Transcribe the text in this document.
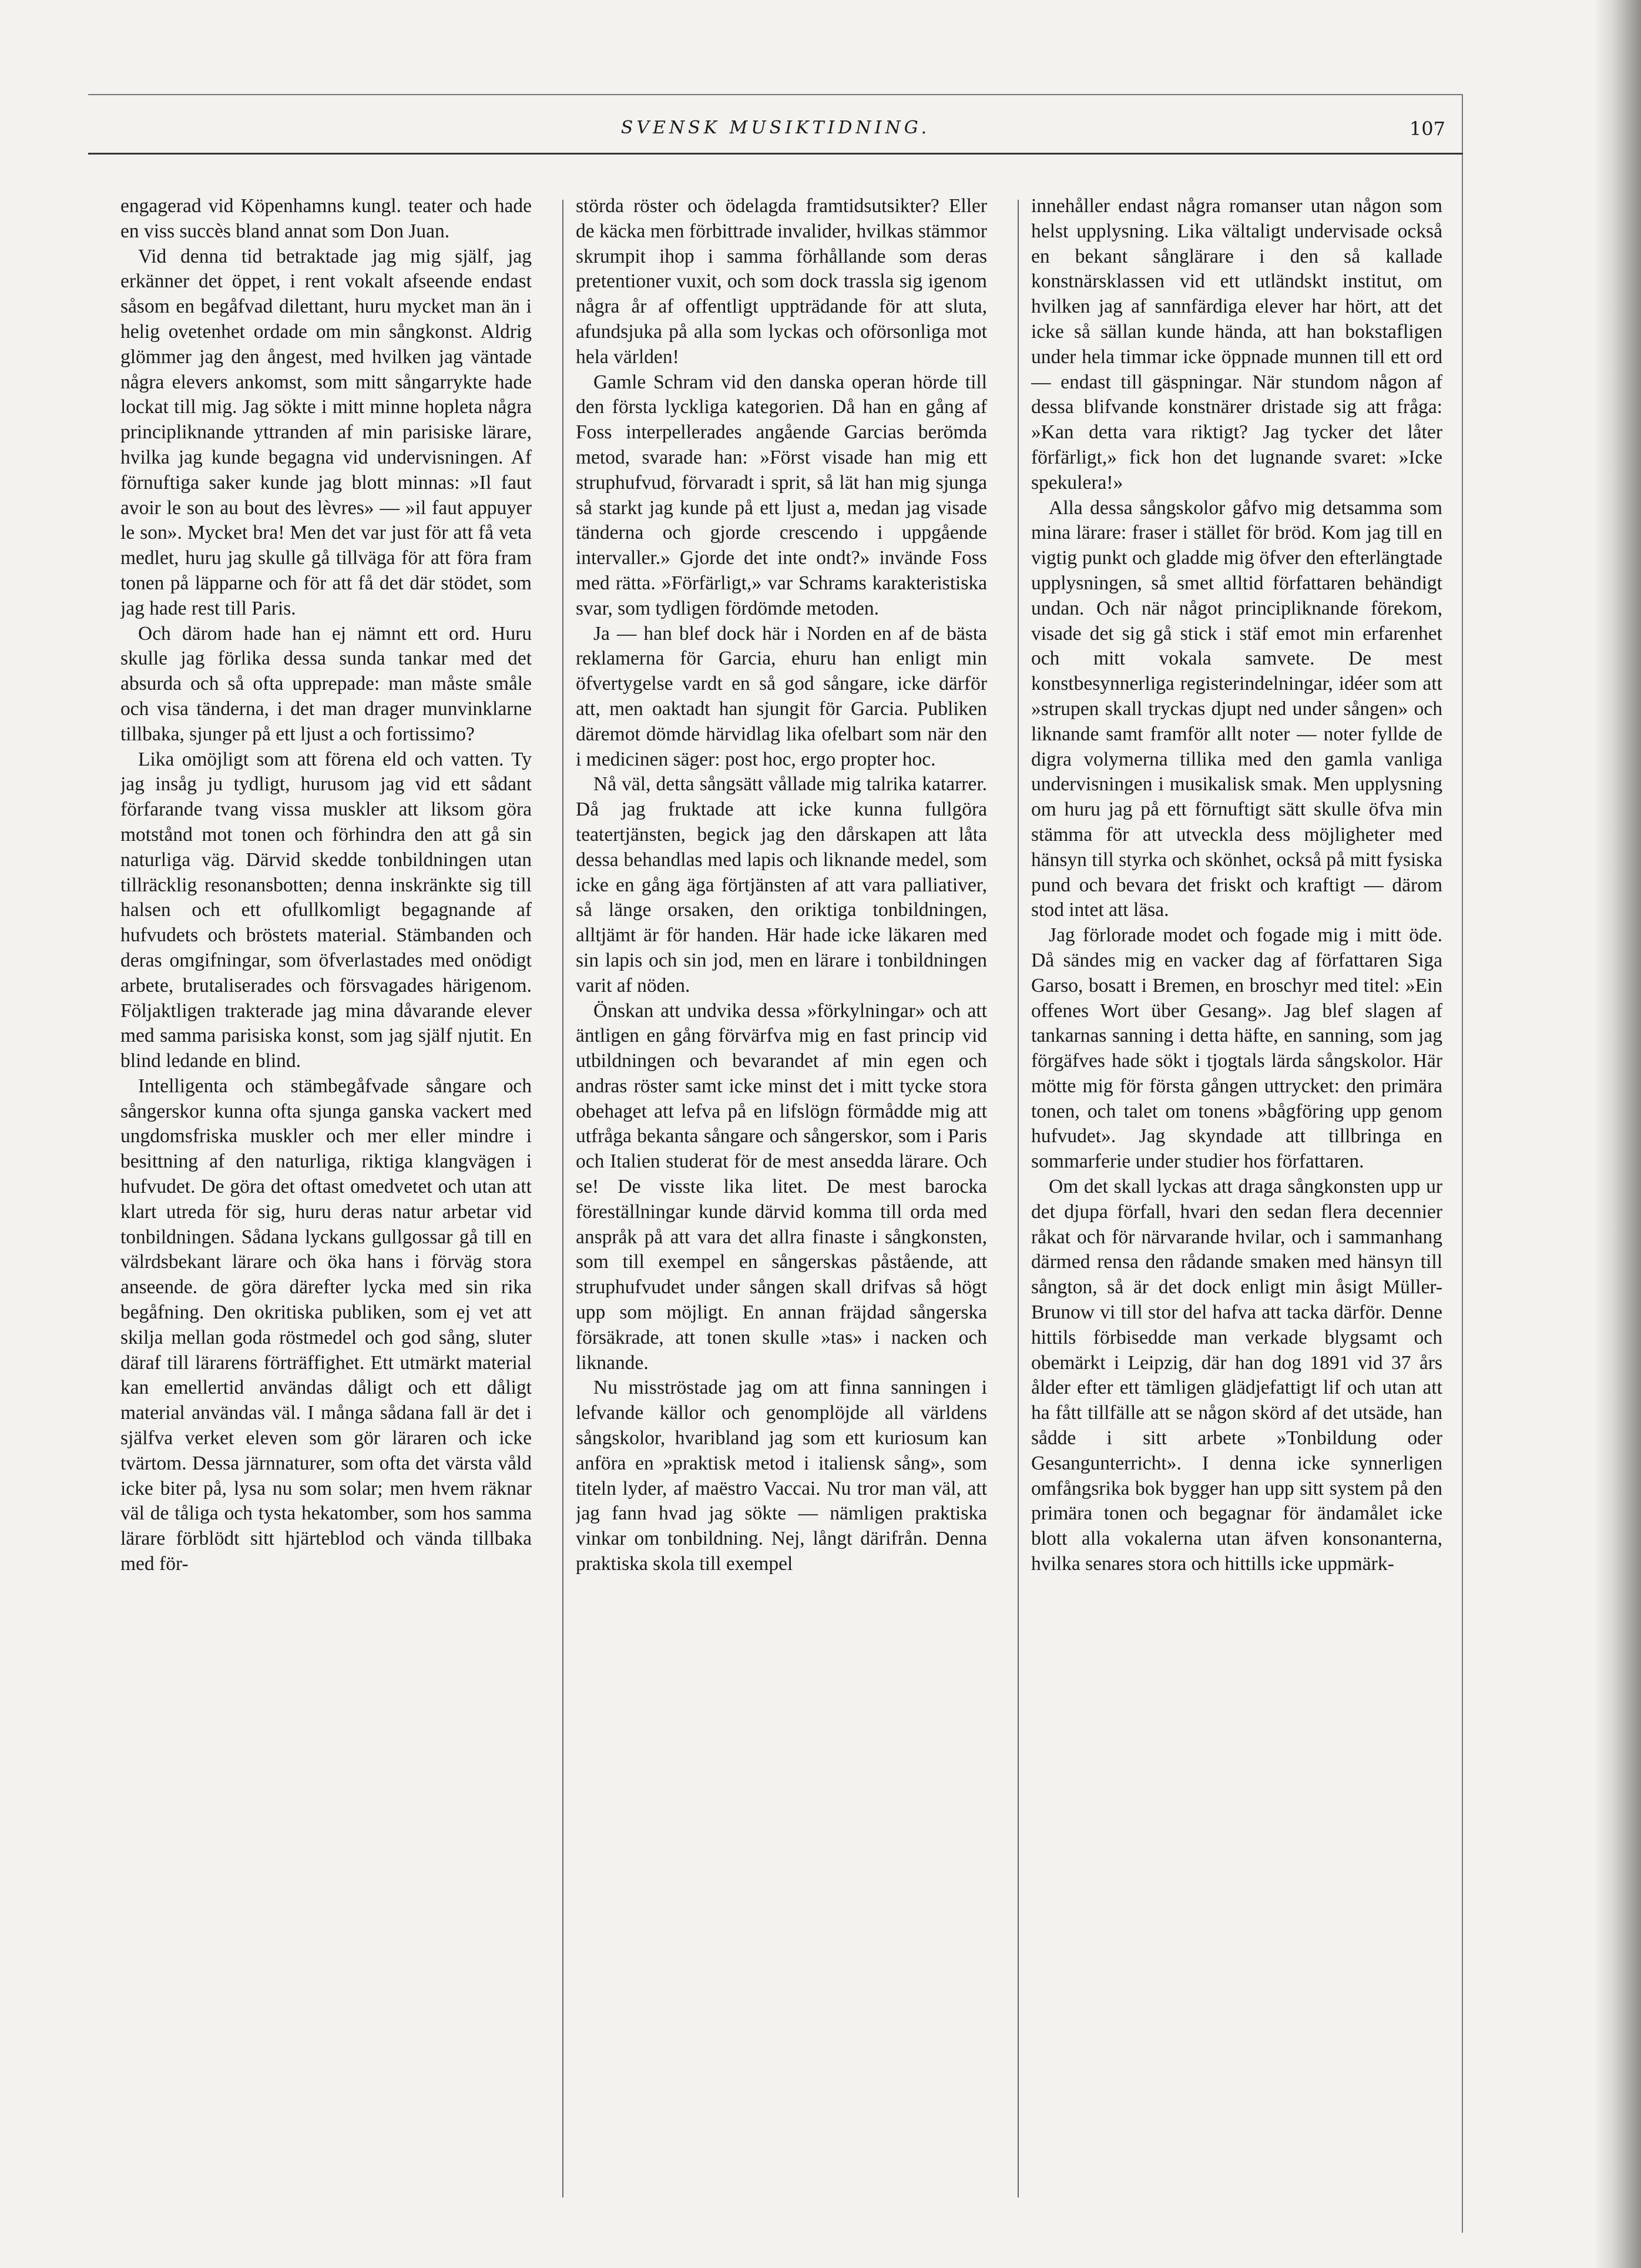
SVENSK MUSIKTIDNING.	107

engagerad vid Köpenhamns kungl. teater och hade en viss succès bland annat som Don Juan.

Vid denna tid betraktade jag mig själf, jag erkänner det öppet, i rent vokalt afseende endast såsom en begåfvad dilettant, huru mycket man än i helig ovetenhet ordade om min sångkonst. Aldrig glömmer jag den ångest, med hvilken jag väntade några elevers ankomst, som mitt sångarrykte hade lockat till mig. Jag sökte i mitt minne hopleta några principliknande yttranden af min parisiske lärare, hvilka jag kunde begagna vid undervisningen. Af förnuftiga saker kunde jag blott minnas: »Il faut avoir le son au bout des lèvres» — »il faut appuyer le son». Mycket bra! Men det var just för att få veta medlet, huru jag skulle gå tillväga för att föra fram tonen på läpparne och för att få det där stödet, som jag hade rest till Paris.

Och därom hade han ej nämnt ett ord. Huru skulle jag förlika dessa sunda tankar med det absurda och så ofta upprepade: man måste småle och visa tänderna, i det man drager munvinklarne tillbaka, sjunger på ett ljust a och fortissimo?

Lika omöjligt som att förena eld och vatten. Ty jag insåg ju tydligt, hurusom jag vid ett sådant förfarande tvang vissa muskler att liksom göra motstånd mot tonen och förhindra den att gå sin naturliga väg. Därvid skedde tonbildningen utan tillräcklig resonansbotten; denna inskränkte sig till halsen och ett ofullkomligt begagnande af hufvudets och bröstets material. Stämbanden och deras omgifningar, som öfverlastades med onödigt arbete, brutaliserades och försvagades härigenom. Följaktligen trakterade jag mina dåvarande elever med samma parisiska konst, som jag själf njutit. En blind ledande en blind.

Intelligenta och stämbegåfvade sångare och sångerskor kunna ofta sjunga ganska vackert med ungdomsfriska muskler och mer eller mindre i besittning af den naturliga, riktiga klangvägen i hufvudet. De göra det oftast omedvetet och utan att klart utreda för sig, huru deras natur arbetar vid tonbildningen. Sådana lyckans gullgossar gå till en välrdsbekant lärare och öka hans i förväg stora anseende. de göra därefter lycka med sin rika begåfning. Den okritiska publiken, som ej vet att skilja mellan goda röstmedel och god sång, sluter däraf till lärarens förträffighet. Ett utmärkt material kan emellertid användas dåligt och ett dåligt material användas väl. I många sådana fall är det i själfva verket eleven som gör läraren och icke tvärtom. Dessa järnnaturer, som ofta det värsta våld icke biter på, lysa nu som solar; men hvem räknar väl de tåliga och tysta hekatomber, som hos samma lärare förblödt sitt hjärteblod och vända tillbaka med för-

störda röster och ödelagda framtidsutsikter? Eller de käcka men förbittrade invalider, hvilkas stämmor skrumpit ihop i samma förhållande som deras pretentioner vuxit, och som dock trassla sig igenom några år af offentligt uppträdande för att sluta, afundsjuka på alla som lyckas och oförsonliga mot hela världen!

Gamle Schram vid den danska operan hörde till den första lyckliga kategorien. Då han en gång af Foss interpellerades angående Garcias berömda metod, svarade han: »Först visade han mig ett struphufvud, förvaradt i sprit, så lät han mig sjunga så starkt jag kunde på ett ljust a, medan jag visade tänderna och gjorde crescendo i uppgående intervaller.» Gjorde det inte ondt?» invände Foss med rätta. »Förfärligt,» var Schrams karakteristiska svar, som tydligen fördömde metoden.

Ja — han blef dock här i Norden en af de bästa reklamerna för Garcia, ehuru han enligt min öfvertygelse vardt en så god sångare, icke därför att, men oaktadt han sjungit för Garcia. Publiken däremot dömde härvidlag lika ofelbart som när den i medicinen säger: post hoc, ergo propter hoc.

Nå väl, detta sångsätt vållade mig talrika katarrer. Då jag fruktade att icke kunna fullgöra teatertjänsten, begick jag den dårskapen att låta dessa behandlas med lapis och liknande medel, som icke en gång äga förtjänsten af att vara palliativer, så länge orsaken, den oriktiga tonbildningen, alltjämt är för handen. Här hade icke läkaren med sin lapis och sin jod, men en lärare i tonbildningen varit af nöden.

Önskan att undvika dessa »förkylningar» och att äntligen en gång förvärfva mig en fast princip vid utbildningen och bevarandet af min egen och andras röster samt icke minst det i mitt tycke stora obehaget att lefva på en lifslögn förmådde mig att utfråga bekanta sångare och sångerskor, som i Paris och Italien studerat för de mest ansedda lärare. Och se! De visste lika litet. De mest barocka föreställningar kunde därvid komma till orda med anspråk på att vara det allra finaste i sångkonsten, som till exempel en sångerskas påstående, att struphufvudet under sången skall drifvas så högt upp som möjligt. En annan fräjdad sångerska försäkrade, att tonen skulle »tas» i nacken och liknande.

Nu misströstade jag om att finna sanningen i lefvande källor och genomplöjde all världens sångskolor, hvaribland jag som ett kuriosum kan anföra en »praktisk metod i italiensk sång», som titeln lyder, af maëstro Vaccai. Nu tror man väl, att jag fann hvad jag sökte — nämligen praktiska vinkar om tonbildning. Nej, långt därifrån. Denna praktiska skola till exempel

innehåller endast några romanser utan någon som helst upplysning. Lika vältaligt undervisade också en bekant sånglärare i den så kallade konstnärsklassen vid ett utländskt institut, om hvilken jag af sannfärdiga elever har hört, att det icke så sällan kunde hända, att han bokstafligen under hela timmar icke öppnade munnen till ett ord — endast till gäspningar. När stundom någon af dessa blifvande konstnärer dristade sig att fråga: »Kan detta vara riktigt? Jag tycker det låter förfärligt,» fick hon det lugnande svaret: »Icke spekulera!»

Alla dessa sångskolor gåfvo mig detsamma som mina lärare: fraser i stället för bröd. Kom jag till en vigtig punkt och gladde mig öfver den efterlängtade upplysningen, så smet alltid författaren behändigt undan. Och när något principliknande förekom, visade det sig gå stick i stäf emot min erfarenhet och mitt vokala samvete. De mest konstbesynnerliga registerindelningar, idéer som att »strupen skall tryckas djupt ned under sången» och liknande samt framför allt noter — noter fyllde de digra volymerna tillika med den gamla vanliga undervisningen i musikalisk smak. Men upplysning om huru jag på ett förnuftigt sätt skulle öfva min stämma för att utveckla dess möjligheter med hänsyn till styrka och skönhet, också på mitt fysiska pund och bevara det friskt och kraftigt — därom stod intet att läsa.

Jag förlorade modet och fogade mig i mitt öde. Då sändes mig en vacker dag af författaren Siga Garso, bosatt i Bremen, en broschyr med titel: »Ein offenes Wort über Gesang». Jag blef slagen af tankarnas sanning i detta häfte, en sanning, som jag förgäfves hade sökt i tjogtals lärda sångskolor. Här mötte mig för första gången uttrycket: den primära tonen, och talet om tonens »bågföring upp genom hufvudet». Jag skyndade att tillbringa en sommarferie under studier hos författaren.

Om det skall lyckas att draga sångkonsten upp ur det djupa förfall, hvari den sedan flera decennier råkat och för närvarande hvilar, och i sammanhang därmed rensa den rådande smaken med hänsyn till sångton, så är det dock enligt min åsigt Müller-Brunow vi till stor del hafva att tacka därför. Denne hittils förbisedde man verkade blygsamt och obemärkt i Leipzig, där han dog 1891 vid 37 års ålder efter ett tämligen glädjefattigt lif och utan att ha fått tillfälle att se någon skörd af det utsäde, han sådde i sitt arbete »Tonbildung oder Gesangunterricht». I denna icke synnerligen omfångsrika bok bygger han upp sitt system på den primära tonen och begagnar för ändamålet icke blott alla vokalerna utan äfven konsonanterna, hvilka senares stora och hittills icke uppmärk-
